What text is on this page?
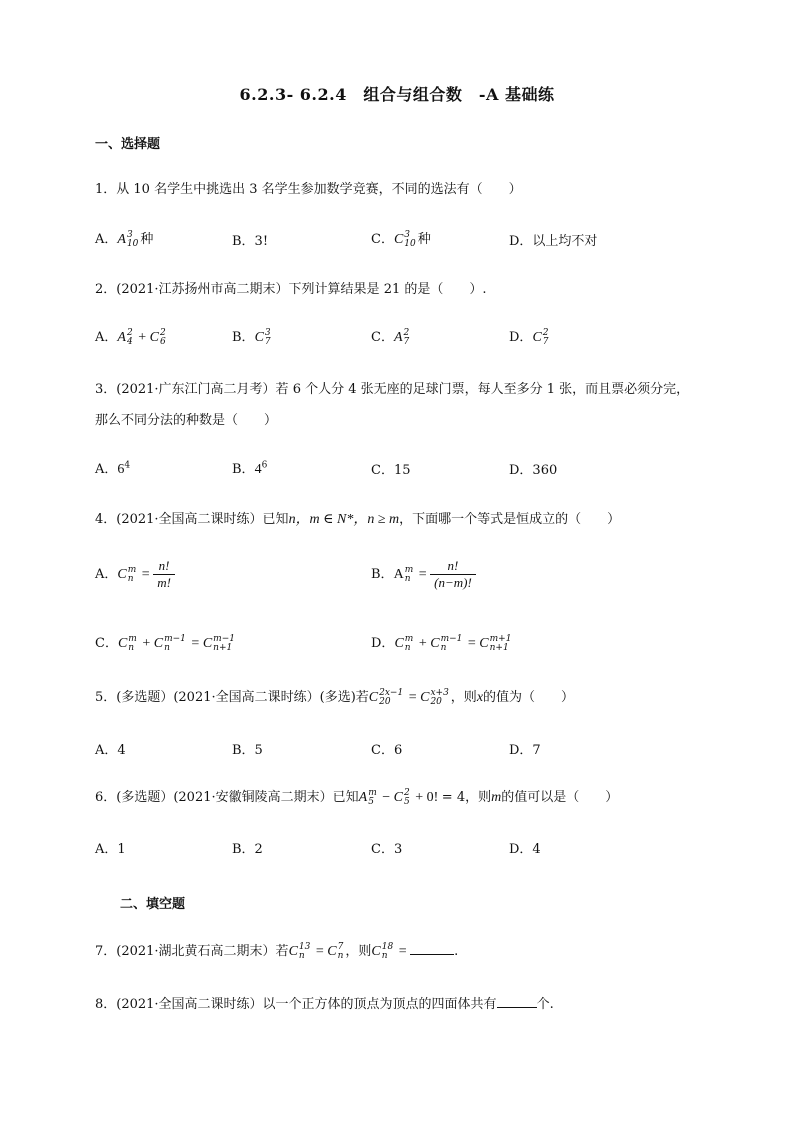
6.2.3- 6.2.4　组合与组合数　-A 基础练
一、选择题
1．从 10 名学生中挑选出 3 名学生参加数学竞赛，不同的选法有（　　）
A．A 3
10 种	B．3!	C．C 3
10 种	D．以上均不对
2．(2021·江苏扬州市高二期末）下列计算结果是 21 的是（　　）.
A．A 2
4 + C 2
6	B．C 3
7	C．A 2
7	D．C 2
7
3．(2021·广东江门高二月考）若 6 个人分 4 张无座的足球门票，每人至多分 1 张，而且票必须分完，
那么不同分法的种数是（　　）
A．$6^4$	B．$4^6$	C．15	D．360
4．(2021·全国高二课时练）已知n，m ∈ N*，n ≥ m，下面哪一个等式是恒成立的（　　）
A．C m
$n = \frac{n!}{m!}$	B．A m
$n = \frac{n!}{(n-m)!}$
C．C m
n + C m−1
n	= C m−1
n+1	D．C m
n + C m−1
n	= C m+1
n+1
5．(多选题）(2021·全国高二课时练）(多选)若C 2x−1
20	= C x+3
20 ，则x的值为（　　）
A．4	B．5	C．6	D．7
6．(多选题）(2021·安徽铜陵高二期末）已知A m
5 − C 2
5 + 0! = 4，则m的值可以是（　　）
A．1	B．2	C．3	D．4
二、填空题
7．(2021·湖北黄石高二期末）若C 13
n = C 7
n ，则C 18
n =	.
8．(2021·全国高二课时练）以一个正方体的顶点为顶点的四面体共有	个.
